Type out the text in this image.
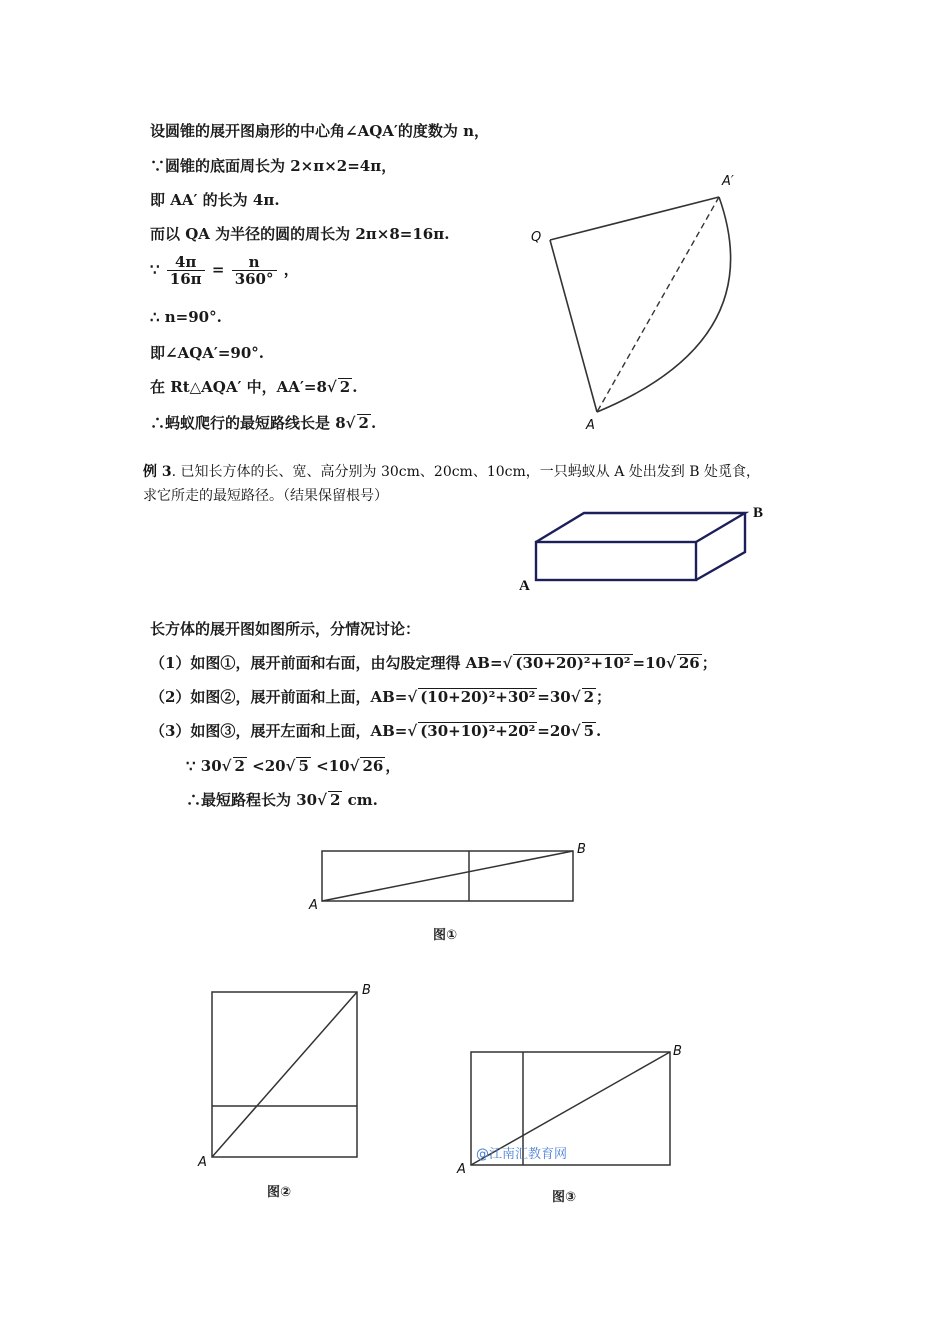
设圆锥的展开图扇形的中心角∠AQA′的度数为 n，
∵圆锥的底面周长为 2×π×2=4π，
即 AA′ 的长为 4π.
而以 QA 为半径的圆的周长为 2π×8=16π.
∵ $\frac{4\pi}{16\pi} = \frac{n}{360^\circ}$ ，
∴ n=90°.
即∠AQA′=90°.
在 Rt△AQA′ 中，AA′=8√ 2 .
∴蚂蚁爬行的最短路线长是 8√ 2 .
Q
A
A′
例 3. 已知长方体的长、宽、高分别为 30cm、20cm、10cm，一只蚂蚁从 A 处出发到 B 处觅食，
求它所走的最短路径。（结果保留根号）
A
B
长方体的展开图如图所示，分情况讨论：
（1）如图①，展开前面和右面，由勾股定理得 AB=√ (30+20)²+10² =10√ 26 ；
（2）如图②，展开前面和上面，AB=√ (10+20)²+30² =30√ 2 ；
（3）如图③，展开左面和上面，AB=√ (30+10)²+20² =20√ 5 .
∵ 30√ 2 <20√ 5 <10√ 26 ，
∴最短路程长为 30√ 2 cm.
A
B
图①
A
B
图②
A
B
图③
@江南汇教育网
